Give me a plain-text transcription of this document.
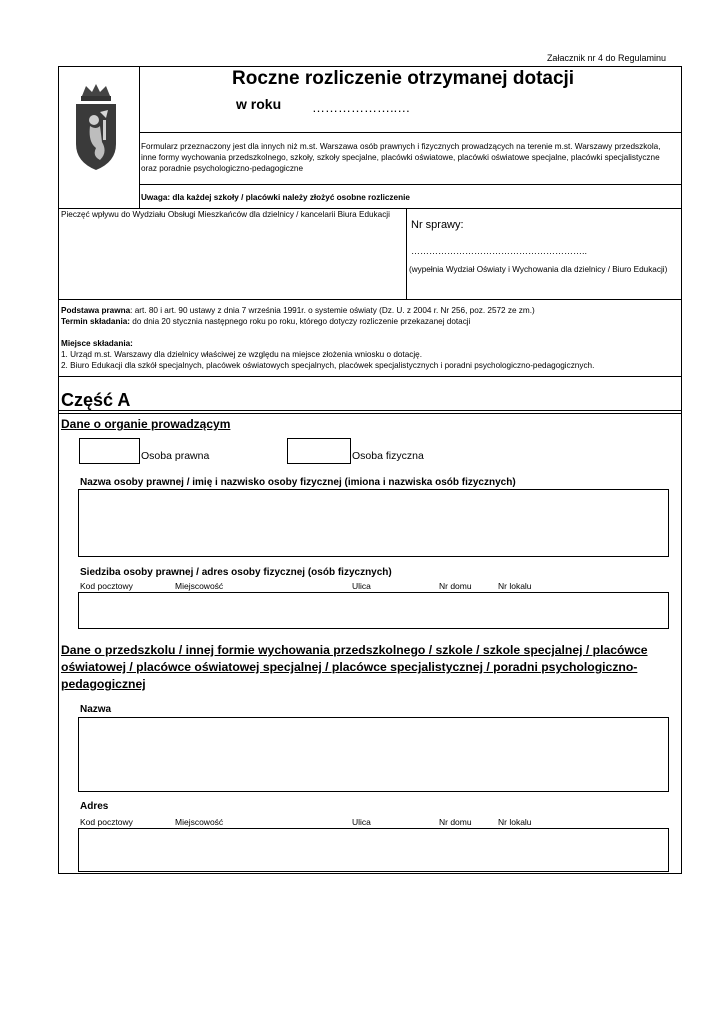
Załacznik nr 4 do Regulaminu
Roczne rozliczenie otrzymanej dotacji
w roku ………………..…
Formularz przeznaczony jest dla innych niż m.st. Warszawa osób prawnych i fizycznych prowadzących na terenie m.st. Warszawy przedszkola, inne formy wychowania przedszkolnego, szkoły, szkoły specjalne, placówki oświatowe, placówki oświatowe specjalne, placówki specjalistyczne oraz poradnie psychologiczno-pedagogiczne
Uwaga: dla każdej szkoły / placówki należy złożyć osobne rozliczenie
Pieczęć wpływu do Wydziału Obsługi Mieszkańców dla dzielnicy / kancelarii Biura Edukacji
Nr sprawy:
…………………………………………………..
(wypełnia Wydział Oświaty i Wychowania dla dzielnicy / Biuro Edukacji)
Podstawa prawna: art. 80 i art. 90 ustawy z dnia 7 września 1991r. o systemie oświaty (Dz. U. z 2004 r. Nr 256, poz. 2572 ze zm.)
Termin składania: do dnia 20 stycznia następnego roku po roku, którego dotyczy rozliczenie przekazanej dotacji
Miejsce składania:
1. Urząd m.st. Warszawy dla dzielnicy właściwej ze względu na miejsce złożenia wniosku o dotację.
2. Biuro Edukacji dla szkół specjalnych, placówek oświatowych specjalnych, placówek specjalistycznych i poradni psychologiczno-pedagogicznych.
Część A
Dane o organie prowadzącym
Osoba prawna	Osoba fizyczna
Nazwa osoby prawnej / imię i nazwisko osoby fizycznej (imiona i nazwiska osób fizycznych)
Siedziba osoby prawnej / adres osoby fizycznej (osób fizycznych)
Kod pocztowy	Miejscowość	Ulica	Nr domu	Nr lokalu
Dane o przedszkolu / innej formie wychowania przedszkolnego / szkole / szkole specjalnej / placówce oświatowej / placówce oświatowej specjalnej / placówce specjalistycznej / poradni psychologiczno-pedagogicznej
Nazwa
Adres
Kod pocztowy	Miejscowość	Ulica	Nr domu	Nr lokalu
